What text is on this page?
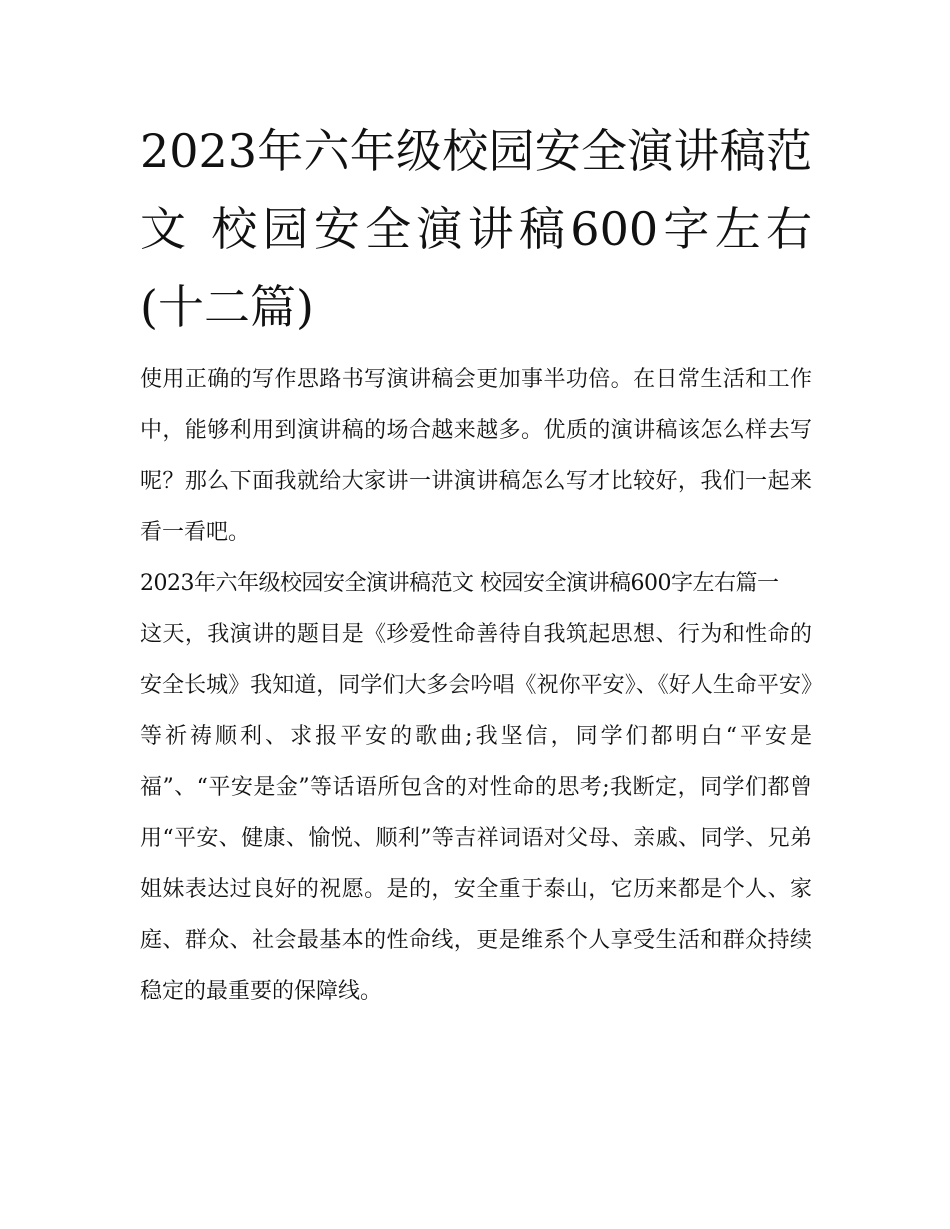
2023年六年级校园安全演讲稿范文 校园安全演讲稿600字左右(十二篇)

使用正确的写作思路书写演讲稿会更加事半功倍。在日常生活和工作中，能够利用到演讲稿的场合越来越多。优质的演讲稿该怎么样去写呢？那么下面我就给大家讲一讲演讲稿怎么写才比较好，我们一起来看一看吧。

2023年六年级校园安全演讲稿范文 校园安全演讲稿600字左右篇一

这天，我演讲的题目是《珍爱性命善待自我筑起思想、行为和性命的安全长城》我知道，同学们大多会吟唱《祝你平安》、《好人生命平安》等祈祷顺利、求报平安的歌曲;我坚信，同学们都明白“平安是福”、“平安是金”等话语所包含的对性命的思考;我断定，同学们都曾用“平安、健康、愉悦、顺利”等吉祥词语对父母、亲戚、同学、兄弟姐妹表达过良好的祝愿。是的，安全重于泰山，它历来都是个人、家庭、群众、社会最基本的性命线，更是维系个人享受生活和群众持续稳定的最重要的保障线。
